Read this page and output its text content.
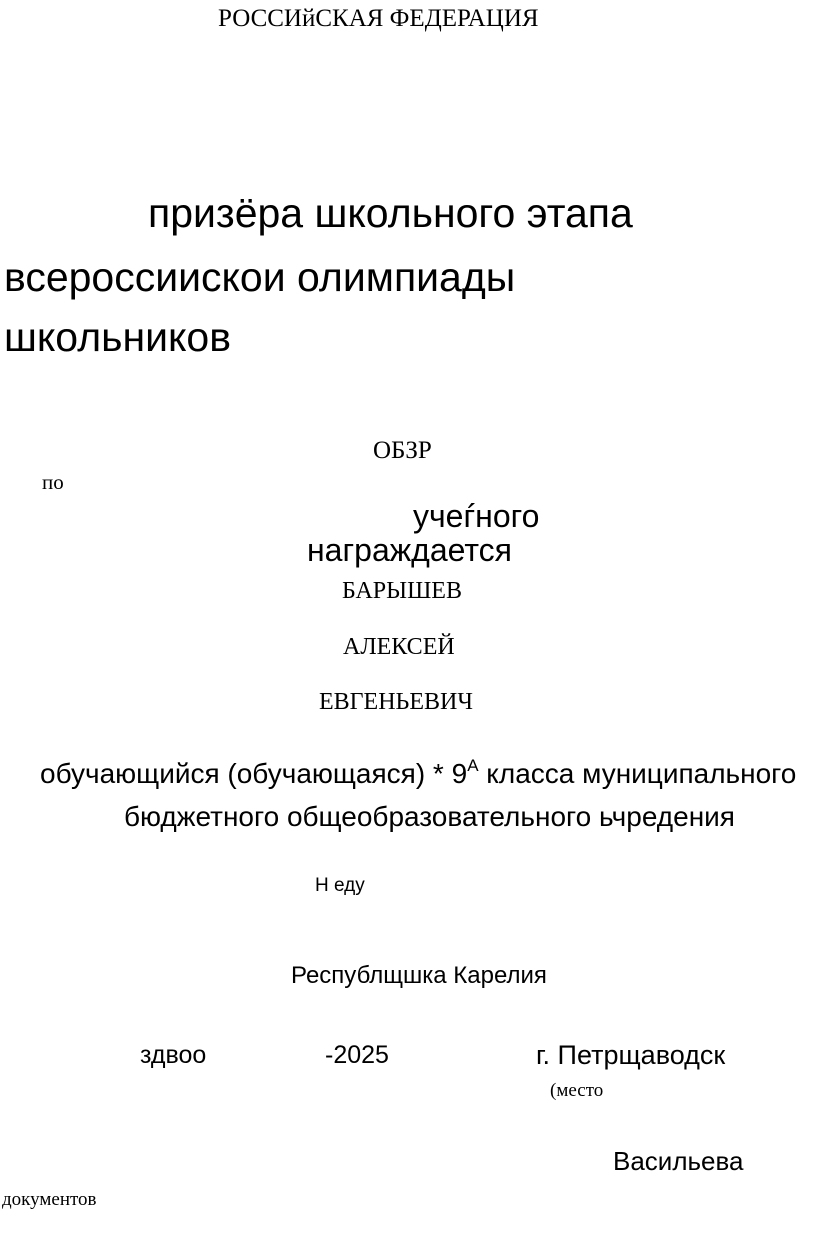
РОССИйСКАЯ ФЕДЕРАЦИЯ
призёра школьного этапа
всероссиискои олимпиады
школьников
ОБЗР
по
учеѓного
награждается
БАРЫШЕВ
АЛЕКСЕЙ
ЕВГЕНЬЕВИЧ
обучающийся (обучающаяся) * $9^А$ класса муниципального
бюджетного общеобразовательного ьчредения
Н еду
Республщшка Карелия
здвоо	-2025	г. Петрщаводск
(место
Васильева
документов
